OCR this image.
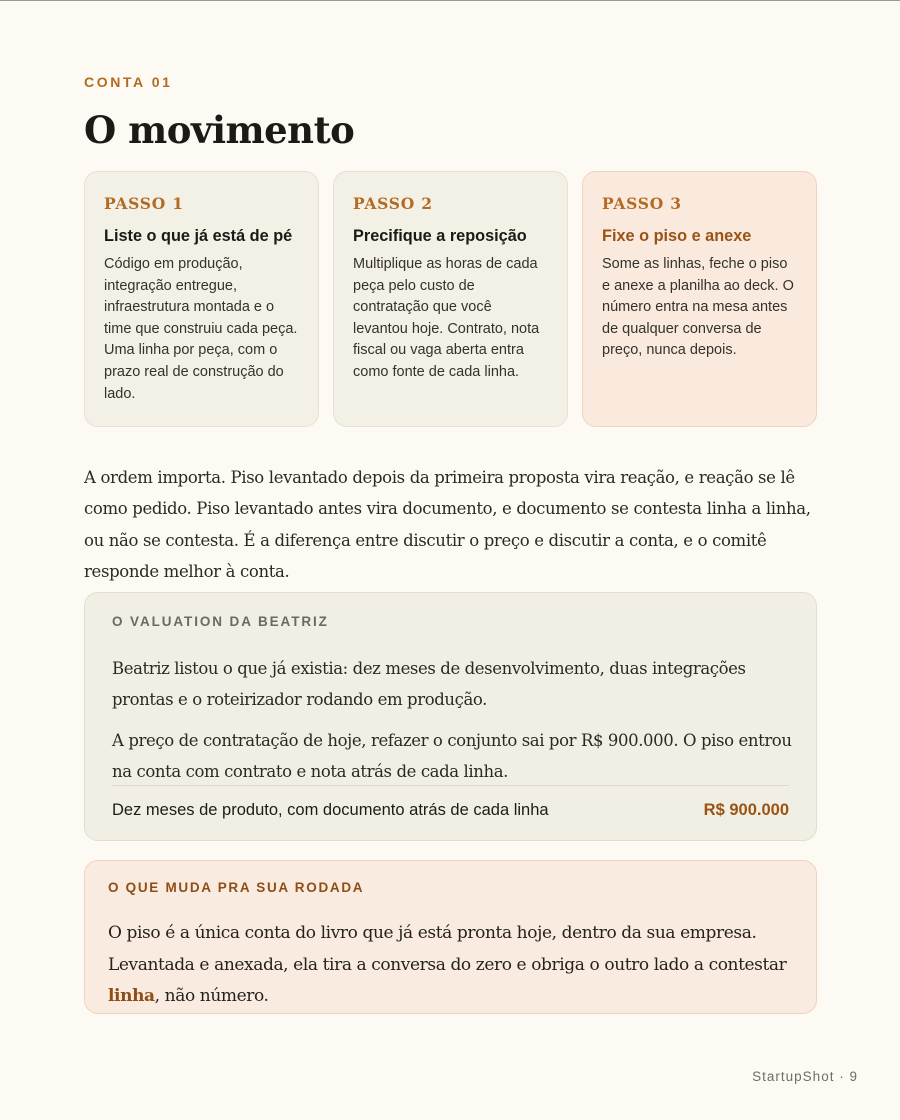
CONTA 01
O movimento
PASSO 1
Liste o que já está de pé
Código em produção, integração entregue, infraestrutura montada e o time que construiu cada peça. Uma linha por peça, com o prazo real de construção do lado.
PASSO 2
Precifique a reposição
Multiplique as horas de cada peça pelo custo de contratação que você levantou hoje. Contrato, nota fiscal ou vaga aberta entra como fonte de cada linha.
PASSO 3
Fixe o piso e anexe
Some as linhas, feche o piso e anexe a planilha ao deck. O número entra na mesa antes de qualquer conversa de preço, nunca depois.

A ordem importa. Piso levantado depois da primeira proposta vira reação, e reação se lê como pedido. Piso levantado antes vira documento, e documento se contesta linha a linha, ou não se contesta. É a diferença entre discutir o preço e discutir a conta, e o comitê responde melhor à conta.

O VALUATION DA BEATRIZ

Beatriz listou o que já existia: dez meses de desenvolvimento, duas integrações prontas e o roteirizador rodando em produção.

A preço de contratação de hoje, refazer o conjunto sai por R$ 900.000. O piso entrou na conta com contrato e nota atrás de cada linha.

Dez meses de produto, com documento atrás de cada linha	R$ 900.000
O QUE MUDA PRA SUA RODADA

O piso é a única conta do livro que já está pronta hoje, dentro da sua empresa. Levantada e anexada, ela tira a conversa do zero e obriga o outro lado a contestar linha, não número.

StartupShot · 9
